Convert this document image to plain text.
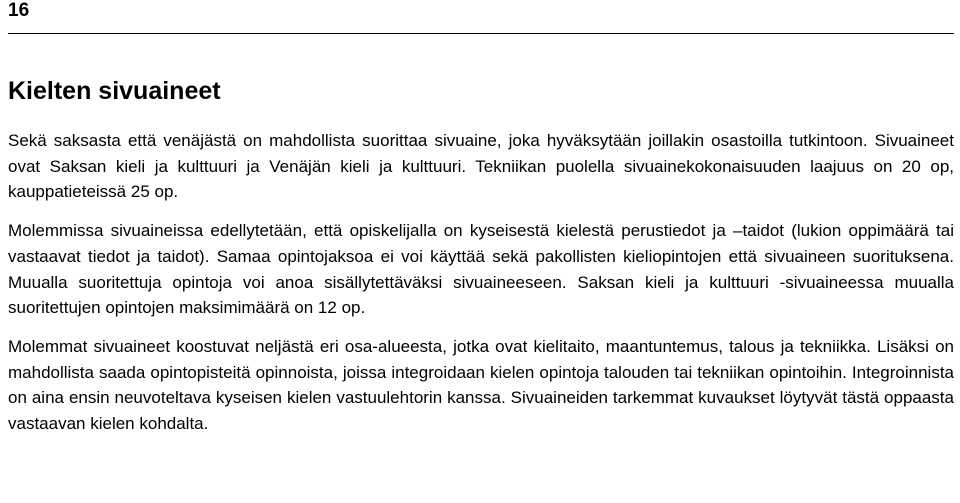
16
Kielten sivuaineet

Sekä saksasta että venäjästä on mahdollista suorittaa sivuaine, joka hyväksytään joillakin osastoilla tutkintoon. Sivuaineet ovat Saksan kieli ja kulttuuri ja Venäjän kieli ja kulttuuri. Tekniikan puolella sivuainekokonaisuuden laajuus on 20 op, kauppatieteissä 25 op.

Molemmissa sivuaineissa edellytetään, että opiskelijalla on kyseisestä kielestä perustiedot ja –taidot (lukion oppimäärä tai vastaavat tiedot ja taidot). Samaa opintojaksoa ei voi käyttää sekä pakollisten kieliopintojen että sivuaineen suorituksena. Muualla suoritettuja opintoja voi anoa sisällytettäväksi sivuaineeseen. Saksan kieli ja kulttuuri -sivuaineessa muualla suoritettujen opintojen maksimimäärä on 12 op.

Molemmat sivuaineet koostuvat neljästä eri osa-alueesta, jotka ovat kielitaito, maantuntemus, talous ja tekniikka. Lisäksi on mahdollista saada opintopisteitä opinnoista, joissa integroidaan kielen opintoja talouden tai tekniikan opintoihin. Integroinnista on aina ensin neuvoteltava kyseisen kielen vastuulehtorin kanssa. Sivuaineiden tarkemmat kuvaukset löytyvät tästä oppaasta vastaavan kielen kohdalta.
